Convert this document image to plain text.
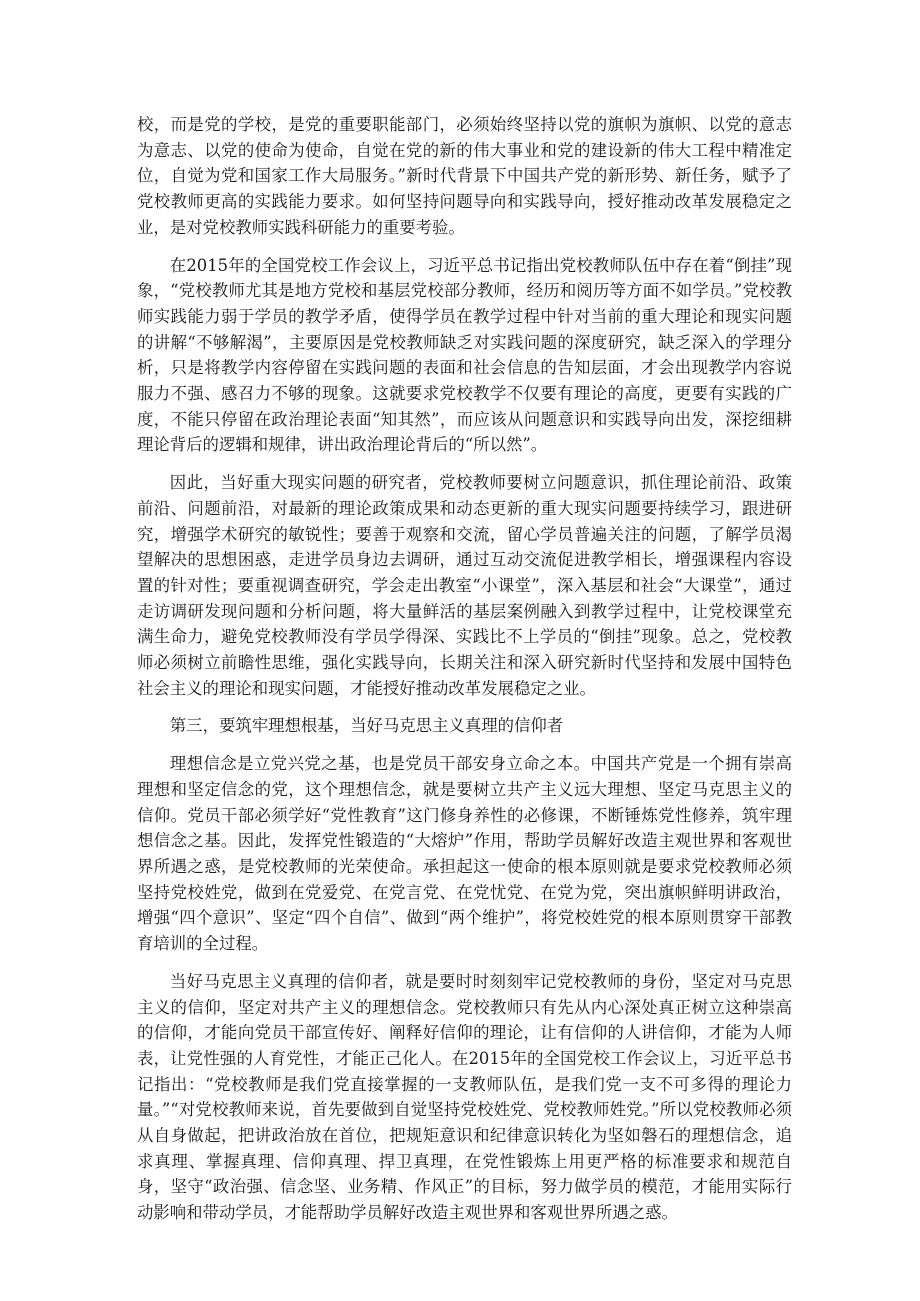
校，而是党的学校，是党的重要职能部门，必须始终坚持以党的旗帜为旗帜、以党的意志为意志、以党的使命为使命，自觉在党的新的伟大事业和党的建设新的伟大工程中精准定位，自觉为党和国家工作大局服务。”新时代背景下中国共产党的新形势、新任务，赋予了党校教师更高的实践能力要求。如何坚持问题导向和实践导向，授好推动改革发展稳定之业，是对党校教师实践科研能力的重要考验。

在2015年的全国党校工作会议上，习近平总书记指出党校教师队伍中存在着“倒挂”现象，“党校教师尤其是地方党校和基层党校部分教师，经历和阅历等方面不如学员。”党校教师实践能力弱于学员的教学矛盾，使得学员在教学过程中针对当前的重大理论和现实问题的讲解“不够解渴”，主要原因是党校教师缺乏对实践问题的深度研究，缺乏深入的学理分析，只是将教学内容停留在实践问题的表面和社会信息的告知层面，才会出现教学内容说服力不强、感召力不够的现象。这就要求党校教学不仅要有理论的高度，更要有实践的广度，不能只停留在政治理论表面“知其然”，而应该从问题意识和实践导向出发，深挖细耕理论背后的逻辑和规律，讲出政治理论背后的“所以然”。

因此，当好重大现实问题的研究者，党校教师要树立问题意识，抓住理论前沿、政策前沿、问题前沿，对最新的理论政策成果和动态更新的重大现实问题要持续学习，跟进研究，增强学术研究的敏锐性；要善于观察和交流，留心学员普遍关注的问题，了解学员渴望解决的思想困惑，走进学员身边去调研，通过互动交流促进教学相长，增强课程内容设置的针对性；要重视调查研究，学会走出教室“小课堂”，深入基层和社会“大课堂”，通过走访调研发现问题和分析问题，将大量鲜活的基层案例融入到教学过程中，让党校课堂充满生命力，避免党校教师没有学员学得深、实践比不上学员的“倒挂”现象。总之，党校教师必须树立前瞻性思维，强化实践导向，长期关注和深入研究新时代坚持和发展中国特色社会主义的理论和现实问题，才能授好推动改革发展稳定之业。

第三，要筑牢理想根基，当好马克思主义真理的信仰者

理想信念是立党兴党之基，也是党员干部安身立命之本。中国共产党是一个拥有崇高理想和坚定信念的党，这个理想信念，就是要树立共产主义远大理想、坚定马克思主义的信仰。党员干部必须学好“党性教育”这门修身养性的必修课，不断锤炼党性修养，筑牢理想信念之基。因此，发挥党性锻造的“大熔炉”作用，帮助学员解好改造主观世界和客观世界所遇之惑，是党校教师的光荣使命。承担起这一使命的根本原则就是要求党校教师必须坚持党校姓党，做到在党爱党、在党言党、在党忧党、在党为党，突出旗帜鲜明讲政治，增强“四个意识”、坚定“四个自信”、做到“两个维护”，将党校姓党的根本原则贯穿干部教育培训的全过程。

当好马克思主义真理的信仰者，就是要时时刻刻牢记党校教师的身份，坚定对马克思主义的信仰，坚定对共产主义的理想信念。党校教师只有先从内心深处真正树立这种崇高的信仰，才能向党员干部宣传好、阐释好信仰的理论，让有信仰的人讲信仰，才能为人师表，让党性强的人育党性，才能正己化人。在2015年的全国党校工作会议上，习近平总书记指出：“党校教师是我们党直接掌握的一支教师队伍，是我们党一支不可多得的理论力量。”“对党校教师来说，首先要做到自觉坚持党校姓党、党校教师姓党。”所以党校教师必须从自身做起，把讲政治放在首位，把规矩意识和纪律意识转化为坚如磐石的理想信念，追求真理、掌握真理、信仰真理、捍卫真理，在党性锻炼上用更严格的标准要求和规范自身，坚守“政治强、信念坚、业务精、作风正”的目标，努力做学员的模范，才能用实际行动影响和带动学员，才能帮助学员解好改造主观世界和客观世界所遇之惑。
